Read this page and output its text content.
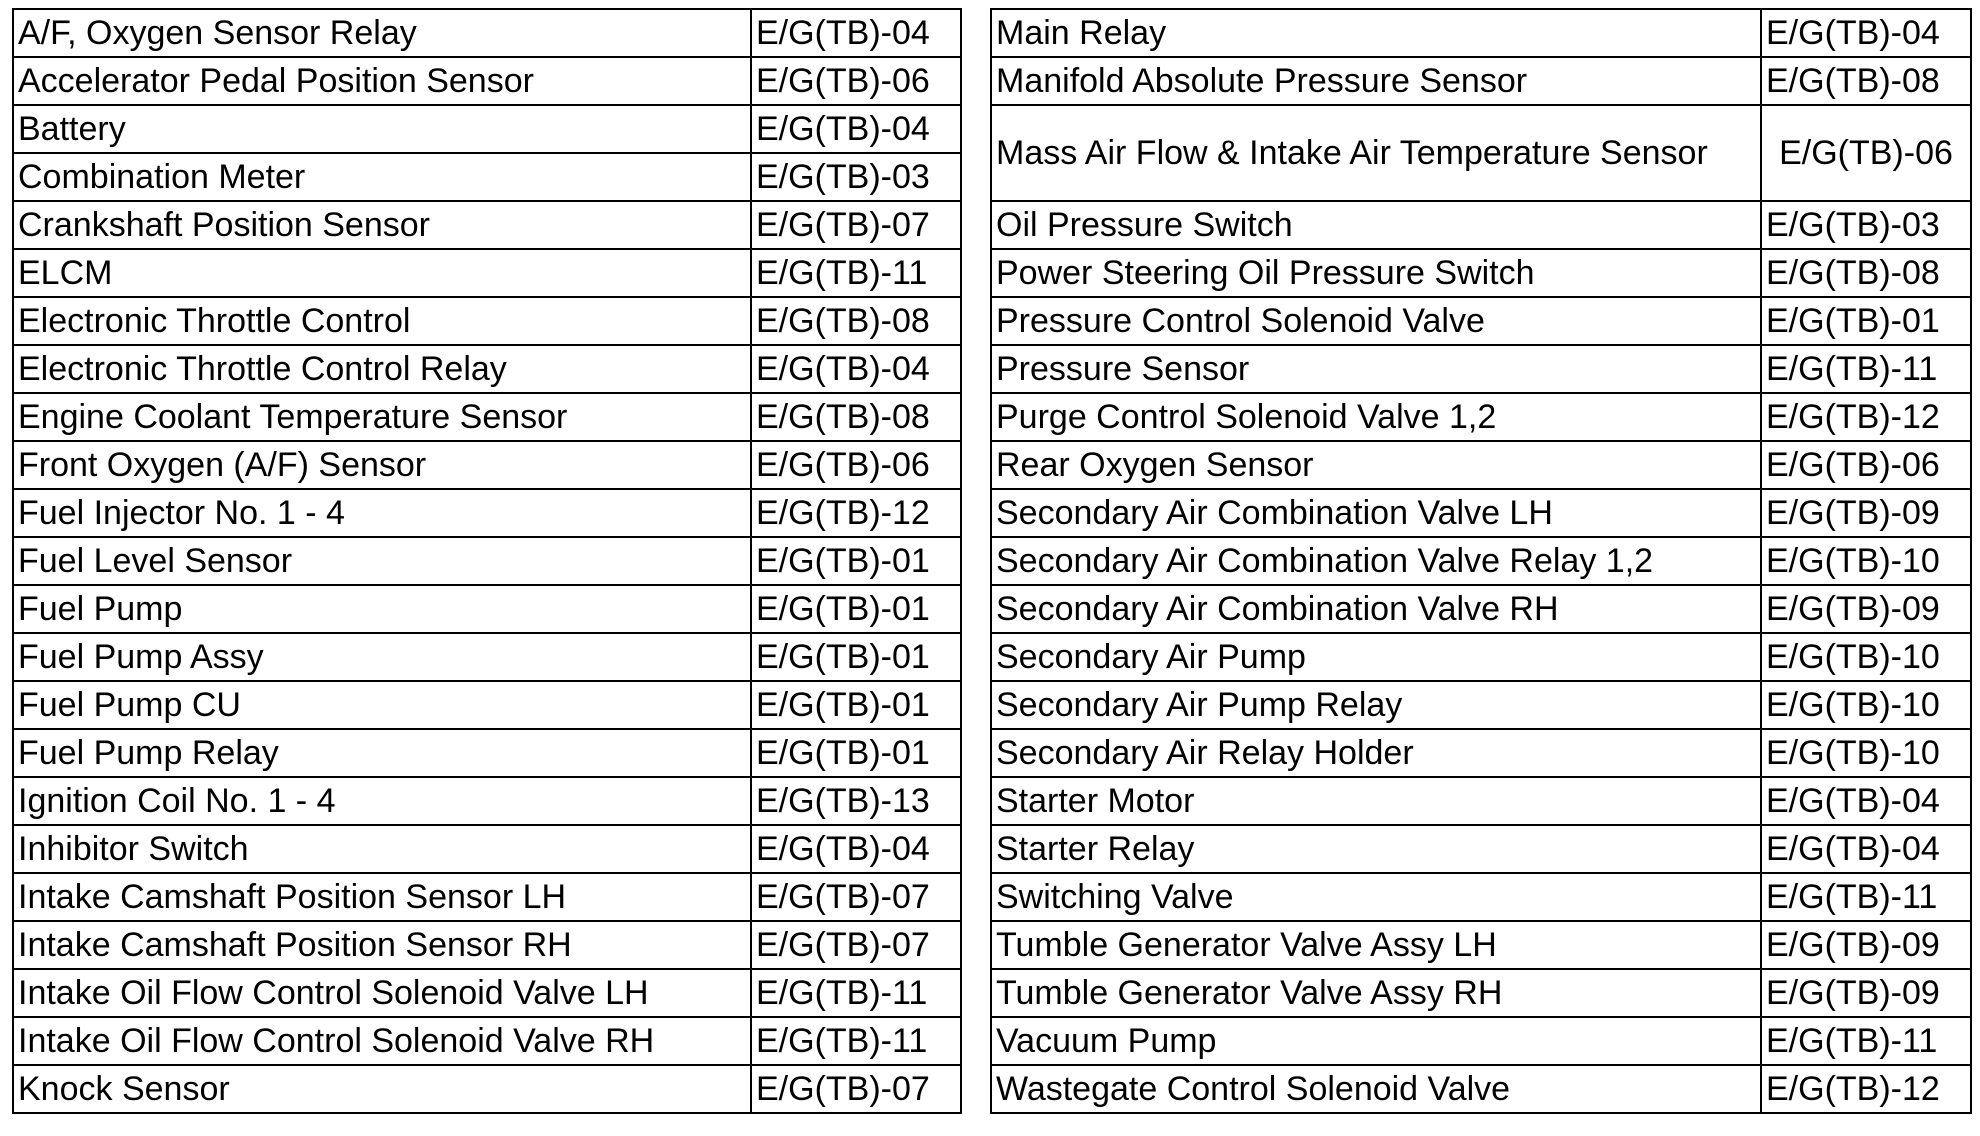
A/F, Oxygen Sensor Relay	E/G(TB)-04		Main Relay	E/G(TB)-04
Accelerator Pedal Position Sensor	E/G(TB)-06		Manifold Absolute Pressure Sensor	E/G(TB)-08
Battery	E/G(TB)-04		Mass Air Flow & Intake Air Temperature Sensor	E/G(TB)-06
Combination Meter	E/G(TB)-03			
Crankshaft Position Sensor	E/G(TB)-07		Oil Pressure Switch	E/G(TB)-03
ELCM	E/G(TB)-11		Power Steering Oil Pressure Switch	E/G(TB)-08
Electronic Throttle Control	E/G(TB)-08		Pressure Control Solenoid Valve	E/G(TB)-01
Electronic Throttle Control Relay	E/G(TB)-04		Pressure Sensor	E/G(TB)-11
Engine Coolant Temperature Sensor	E/G(TB)-08		Purge Control Solenoid Valve 1,2	E/G(TB)-12
Front Oxygen (A/F) Sensor	E/G(TB)-06		Rear Oxygen Sensor	E/G(TB)-06
Fuel Injector No. 1 - 4	E/G(TB)-12		Secondary Air Combination Valve LH	E/G(TB)-09
Fuel Level Sensor	E/G(TB)-01		Secondary Air Combination Valve Relay 1,2	E/G(TB)-10
Fuel Pump	E/G(TB)-01		Secondary Air Combination Valve RH	E/G(TB)-09
Fuel Pump Assy	E/G(TB)-01		Secondary Air Pump	E/G(TB)-10
Fuel Pump CU	E/G(TB)-01		Secondary Air Pump Relay	E/G(TB)-10
Fuel Pump Relay	E/G(TB)-01		Secondary Air Relay Holder	E/G(TB)-10
Ignition Coil No. 1 - 4	E/G(TB)-13		Starter Motor	E/G(TB)-04
Inhibitor Switch	E/G(TB)-04		Starter Relay	E/G(TB)-04
Intake Camshaft Position Sensor LH	E/G(TB)-07		Switching Valve	E/G(TB)-11
Intake Camshaft Position Sensor RH	E/G(TB)-07		Tumble Generator Valve Assy LH	E/G(TB)-09
Intake Oil Flow Control Solenoid Valve LH	E/G(TB)-11		Tumble Generator Valve Assy RH	E/G(TB)-09
Intake Oil Flow Control Solenoid Valve RH	E/G(TB)-11		Vacuum Pump	E/G(TB)-11
Knock Sensor	E/G(TB)-07		Wastegate Control Solenoid Valve	E/G(TB)-12
